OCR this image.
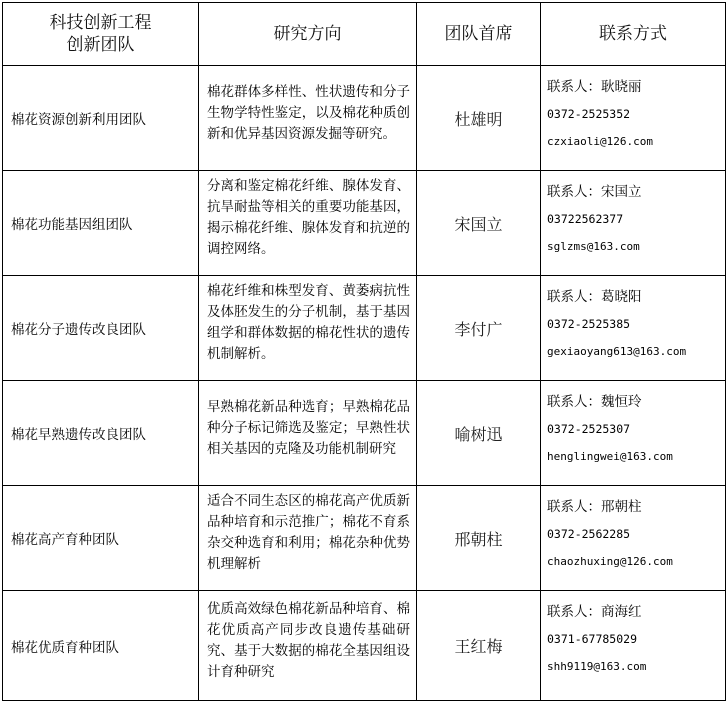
科技创新工程
创新团队	研究方向	团队首席	联系方式
棉花资源创新利用团队	棉花群体多样性、性状遗传和分子生物学特性鉴定，以及棉花种质创新和优异基因资源发掘等研究。	杜雄明	联系人：耿晓丽
0372-2525352
czxiaoli@126.com

棉花功能基因组团队	分离和鉴定棉花纤维、腺体发育、抗旱耐盐等相关的重要功能基因，揭示棉花纤维、腺体发育和抗逆的调控网络。	宋国立	联系人：宋国立
03722562377
sglzms@163.com

棉花分子遗传改良团队	棉花纤维和株型发育、黄萎病抗性及体胚发生的分子机制，基于基因组学和群体数据的棉花性状的遗传机制解析。	李付广	联系人：葛晓阳
0372-2525385
gexiaoyang613@163.com

棉花早熟遗传改良团队	早熟棉花新品种选育；早熟棉花品种分子标记筛选及鉴定；早熟性状相关基因的克隆及功能机制研究	喻树迅	联系人：魏恒玲
0372-2525307
henglingwei@163.com

棉花高产育种团队	适合不同生态区的棉花高产优质新品种培育和示范推广；棉花不育系杂交种选育和利用；棉花杂种优势机理解析	邢朝柱	联系人：邢朝柱
0372-2562285
chaozhuxing@126.com

棉花优质育种团队	优质高效绿色棉花新品种培育、棉花优质高产同步改良遗传基础研究、基于大数据的棉花全基因组设计育种研究	王红梅	联系人：商海红
0371-67785029
shh9119@163.com
